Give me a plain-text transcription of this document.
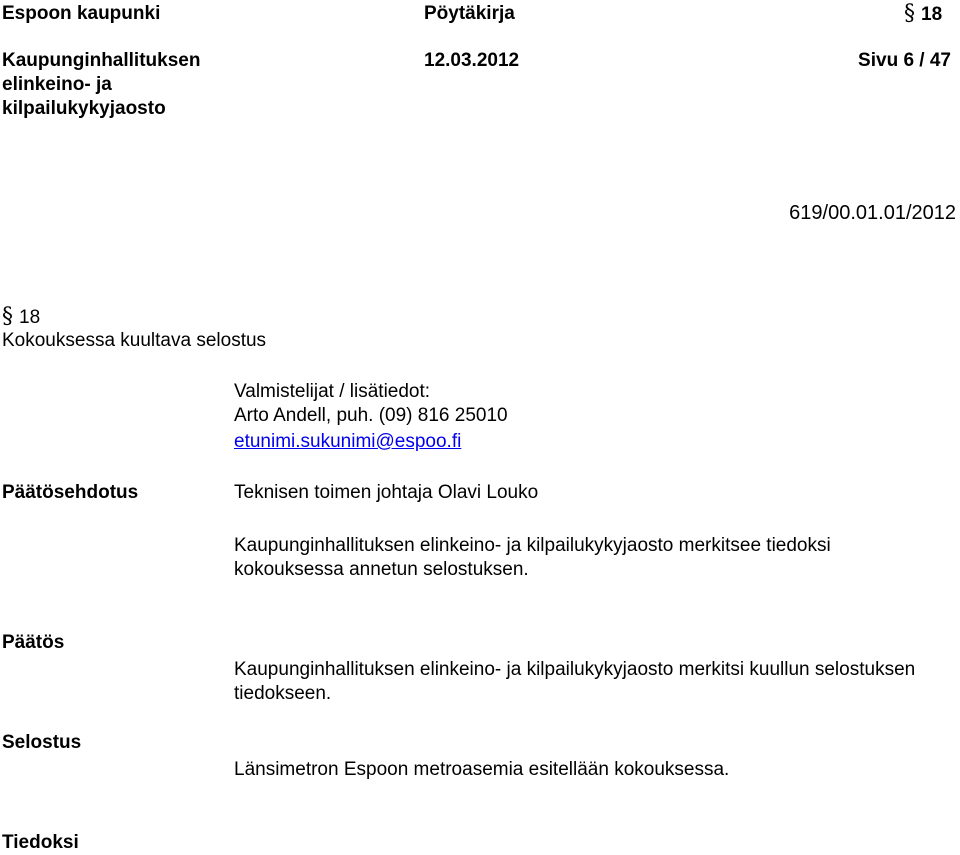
Espoon kaupunki	Pöytäkirja	§ 18
Kaupunginhallituksen
elinkeino- ja
kilpailukykyjaosto
12.03.2012	Sivu 6 / 47
619/00.01.01/2012
§ 18
Kokouksessa kuultava selostus
Valmistelijat / lisätiedot:
Arto Andell, puh. (09) 816 25010
etunimi.sukunimi@espoo.fi
Päätösehdotus	Teknisen toimen johtaja Olavi Louko
Kaupunginhallituksen elinkeino- ja kilpailukykyjaosto merkitsee tiedoksi kokouksessa annetun selostuksen.
Päätös
Kaupunginhallituksen elinkeino- ja kilpailukykyjaosto merkitsi kuullun selostuksen tiedokseen.
Selostus
Länsimetron Espoon metroasemia esitellään kokouksessa.
Tiedoksi
